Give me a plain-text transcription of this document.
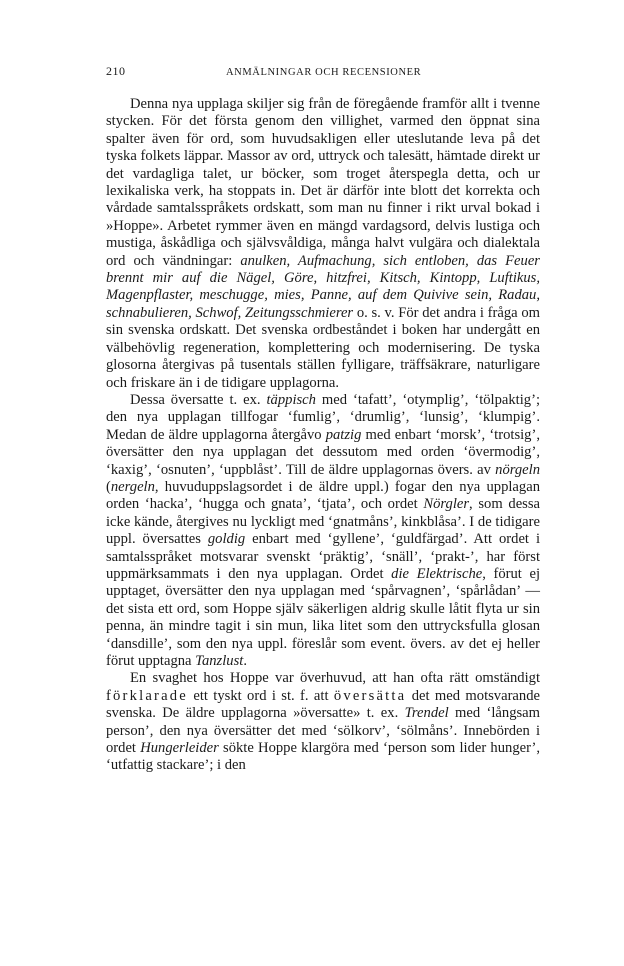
210	ANMÄLNINGAR OCH RECENSIONER

Denna nya upplaga skiljer sig från de föregående framför allt i tvenne stycken. För det första genom den villighet, varmed den öppnat sina spalter även för ord, som huvudsakligen eller uteslutande leva på det tyska folkets läppar. Massor av ord, uttryck och talesätt, hämtade direkt ur det vardagliga talet, ur böcker, som troget återspegla detta, och ur lexikaliska verk, ha stoppats in. Det är därför inte blott det korrekta och vårdade samtalsspråkets ordskatt, som man nu finner i rikt urval bokad i »Hoppe». Arbetet rymmer även en mängd vardagsord, delvis lustiga och mustiga, åskådliga och självsvåldiga, många halvt vulgära och dialektala ord och vändningar: anulken, Aufmachung, sich entloben, das Feuer brennt mir auf die Nägel, Göre, hitzfrei, Kitsch, Kintopp, Luftikus, Magenpflaster, meschugge, mies, Panne, auf dem Quivive sein, Radau, schnabulieren, Schwof, Zeitungsschmierer o. s. v. För det andra i fråga om sin svenska ordskatt. Det svenska ordbeståndet i boken har undergått en välbehövlig regeneration, komplettering och modernisering. De tyska glosorna återgivas på tusentals ställen fylligare, träffsäkrare, naturligare och friskare än i de tidigare upplagorna.

Dessa översatte t. ex. täppisch med ‘tafatt’, ‘otymplig’, ‘tölpaktig’; den nya upplagan tillfogar ‘fumlig’, ‘drumlig’, ‘lunsig’, ‘klumpig’. Medan de äldre upplagorna återgåvo patzig med enbart ‘morsk’, ‘trotsig’, översätter den nya upplagan det dessutom med orden ‘övermodig’, ‘kaxig’, ‘osnuten’, ‘uppblåst’. Till de äldre upplagornas övers. av nörgeln (nergeln, huvuduppslagsordet i de äldre uppl.) fogar den nya upplagan orden ‘hacka’, ‘hugga och gnata’, ‘tjata’, och ordet Nörgler, som dessa icke kände, återgives nu lyckligt med ‘gnatmåns’, kinkblåsa’. I de tidigare uppl. översattes goldig enbart med ‘gyllene’, ‘guldfärgad’. Att ordet i samtalsspråket motsvarar svenskt ‘präktig’, ‘snäll’, ‘prakt-’, har först uppmärksammats i den nya upplagan. Ordet die Elektrische, förut ej upptaget, översätter den nya upplagan med ‘spårvagnen’, ‘spårlådan’ — det sista ett ord, som Hoppe själv säkerligen aldrig skulle låtit flyta ur sin penna, än mindre tagit i sin mun, lika litet som den uttrycksfulla glosan ‘dansdille’, som den nya uppl. föreslår som event. övers. av det ej heller förut upptagna Tanzlust.

En svaghet hos Hoppe var överhuvud, att han ofta rätt omständigt förklarade ett tyskt ord i st. f. att översätta det med motsvarande svenska. De äldre upplagorna »översatte» t. ex. Trendel med ‘långsam person’, den nya översätter det med ‘sölkorv’, ‘sölmåns’. Innebörden i ordet Hungerleider sökte Hoppe klargöra med ‘person som lider hunger’, ‘utfattig stackare’; i den
